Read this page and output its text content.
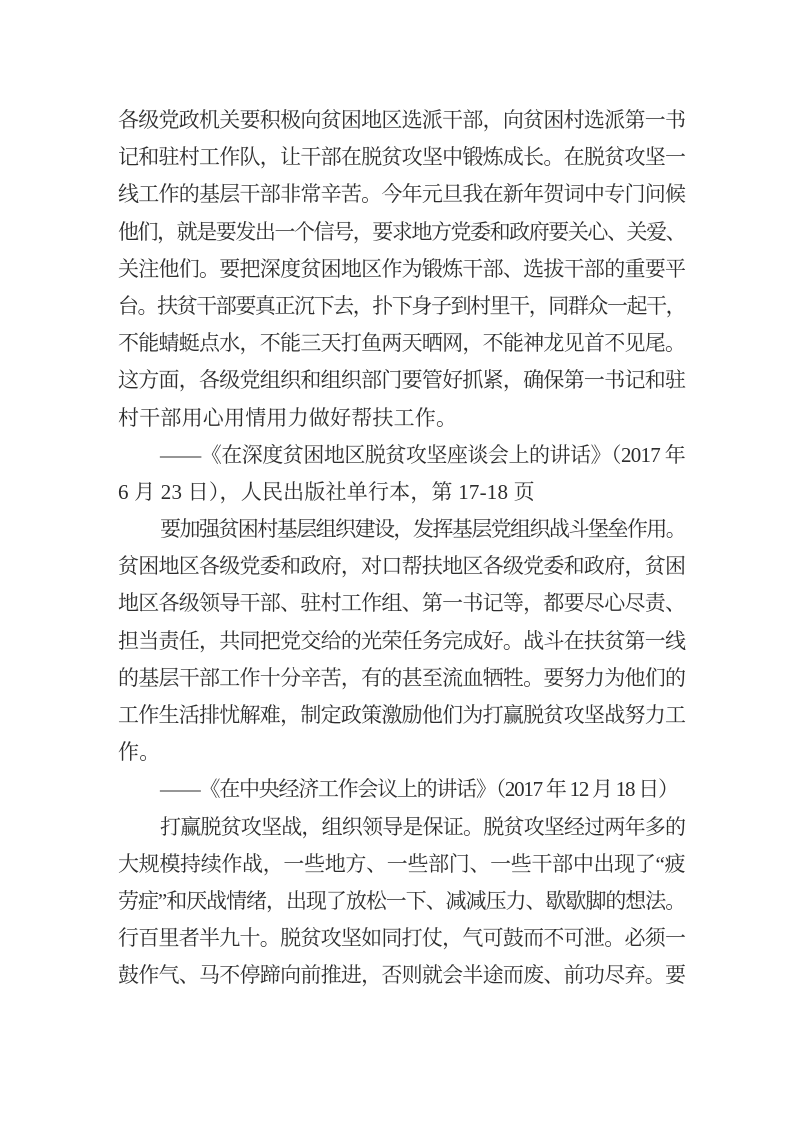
各级党政机关要积极向贫困地区选派干部，向贫困村选派第一书
记和驻村工作队，让干部在脱贫攻坚中锻炼成长。在脱贫攻坚一
线工作的基层干部非常辛苦。今年元旦我在新年贺词中专门问候
他们，就是要发出一个信号，要求地方党委和政府要关心、关爱、
关注他们。要把深度贫困地区作为锻炼干部、选拔干部的重要平
台。扶贫干部要真正沉下去，扑下身子到村里干，同群众一起干，
不能蜻蜓点水，不能三天打鱼两天晒网，不能神龙见首不见尾。
这方面，各级党组织和组织部门要管好抓紧，确保第一书记和驻
村干部用心用情用力做好帮扶工作。
——《在深度贫困地区脱贫攻坚座谈会上的讲话》（2017 年
6 月 23 日），人民出版社单行本，第 17-18 页
要加强贫困村基层组织建设，发挥基层党组织战斗堡垒作用。
贫困地区各级党委和政府，对口帮扶地区各级党委和政府，贫困
地区各级领导干部、驻村工作组、第一书记等，都要尽心尽责、
担当责任，共同把党交给的光荣任务完成好。战斗在扶贫第一线
的基层干部工作十分辛苦，有的甚至流血牺牲。要努力为他们的
工作生活排忧解难，制定政策激励他们为打赢脱贫攻坚战努力工
作。
——《在中央经济工作会议上的讲话》（2017 年 12 月 18 日）
打赢脱贫攻坚战，组织领导是保证。脱贫攻坚经过两年多的
大规模持续作战，一些地方、一些部门、一些干部中出现了“疲
劳症”和厌战情绪，出现了放松一下、减减压力、歇歇脚的想法。
行百里者半九十。脱贫攻坚如同打仗，气可鼓而不可泄。必须一
鼓作气、马不停蹄向前推进，否则就会半途而废、前功尽弃。要
